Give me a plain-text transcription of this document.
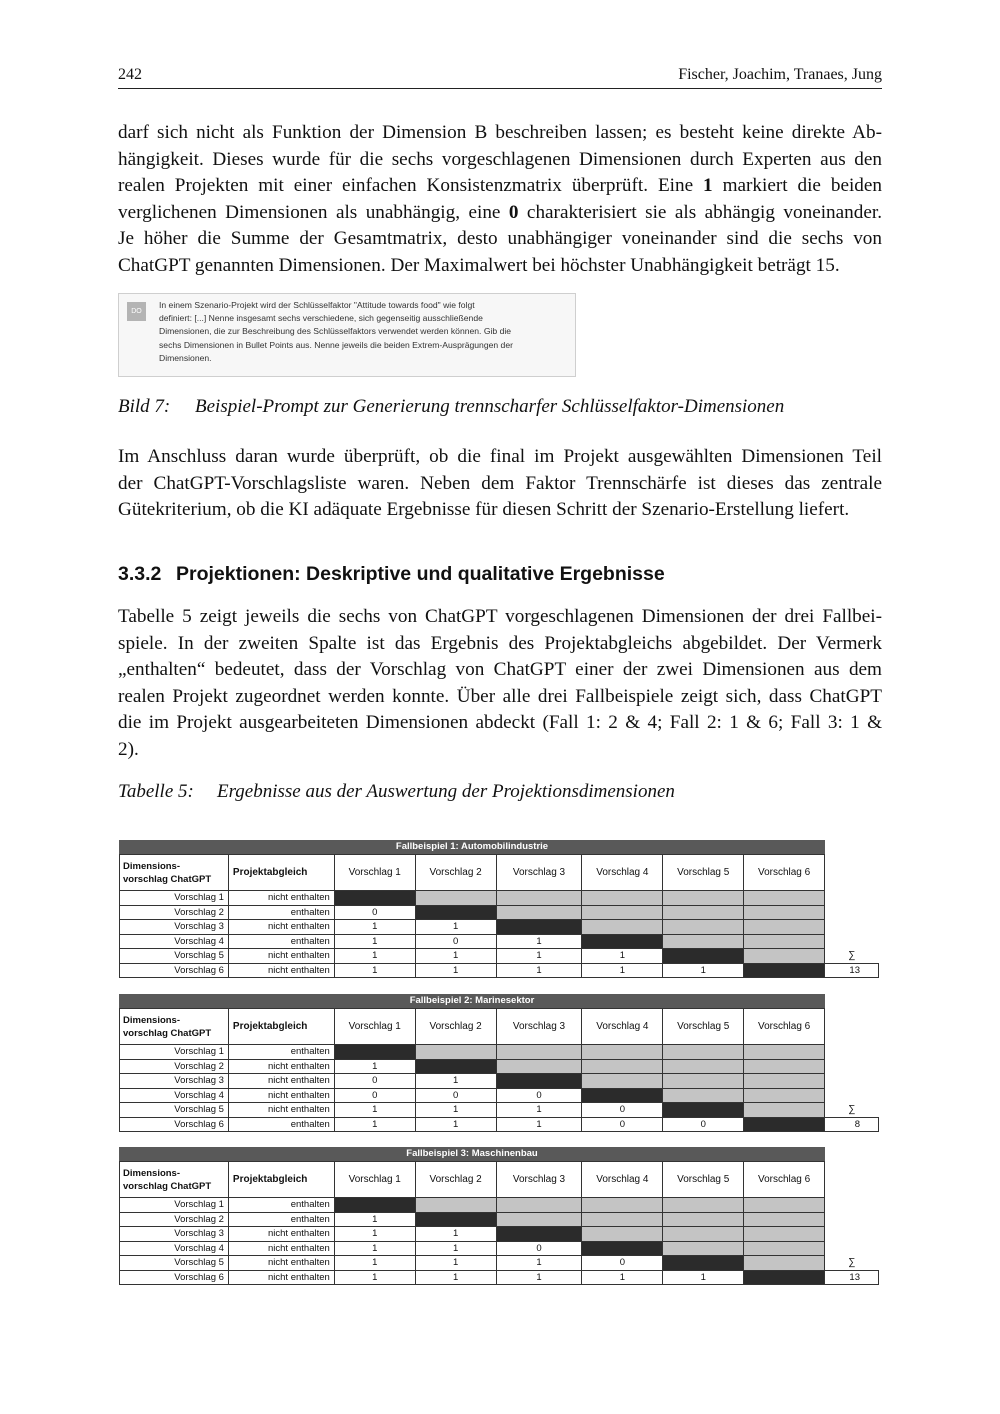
242	Fischer, Joachim, Tranaes, Jung
darf sich nicht als Funktion der Dimension B beschreiben lassen; es besteht keine direkte Ab-
hängigkeit. Dieses wurde für die sechs vorgeschlagenen Dimensionen durch Experten aus den
realen Projekten mit einer einfachen Konsistenzmatrix überprüft. Eine 1 markiert die beiden
verglichenen Dimensionen als unabhängig, eine 0 charakterisiert sie als abhängig voneinander.
Je höher die Summe der Gesamtmatrix, desto unabhängiger voneinander sind die sechs von
ChatGPT genannten Dimensionen. Der Maximalwert bei höchster Unabhängigkeit beträgt 15.
DO
In einem Szenario-Projekt wird der Schlüsselfaktor "Attitude towards food" wie folgt
definiert: [...] Nenne insgesamt sechs verschiedene, sich gegenseitig ausschließende
Dimensionen, die zur Beschreibung des Schlüsselfaktors verwendet werden können. Gib die
sechs Dimensionen in Bullet Points aus. Nenne jeweils die beiden Extrem-Ausprägungen der
Dimensionen.
Bild 7: Beispiel-Prompt zur Generierung trennscharfer Schlüsselfaktor-Dimensionen
Im Anschluss daran wurde überprüft, ob die final im Projekt ausgewählten Dimensionen Teil
der ChatGPT-Vorschlagsliste waren. Neben dem Faktor Trennschärfe ist dieses das zentrale
Gütekriterium, ob die KI adäquate Ergebnisse für diesen Schritt der Szenario-Erstellung liefert.
3.3.2 Projektionen: Deskriptive und qualitative Ergebnisse
Tabelle 5 zeigt jeweils die sechs von ChatGPT vorgeschlagenen Dimensionen der drei Fallbei-
spiele. In der zweiten Spalte ist das Ergebnis des Projektabgleichs abgebildet. Der Vermerk
„enthalten“ bedeutet, dass der Vorschlag von ChatGPT einer der zwei Dimensionen aus dem
realen Projekt zugeordnet werden konnte. Über alle drei Fallbeispiele zeigt sich, dass ChatGPT
die im Projekt ausgearbeiteten Dimensionen abdeckt (Fall 1: 2 & 4; Fall 2: 1 & 6; Fall 3: 1 &
2).
Tabelle 5: Ergebnisse aus der Auswertung der Projektionsdimensionen
Fallbeispiel 1: Automobilindustrie
Dimensions-
vorschlag ChatGPT	Projektabgleich	Vorschlag 1	Vorschlag 2	Vorschlag 3	Vorschlag 4	Vorschlag 5	Vorschlag 6	
Vorschlag 1	nicht enthalten							
Vorschlag 2	enthalten	0						
Vorschlag 3	nicht enthalten	1	1					
Vorschlag 4	enthalten	1	0	1				
Vorschlag 5	nicht enthalten	1	1	1	1			∑
Vorschlag 6	nicht enthalten	1	1	1	1	1		13
Fallbeispiel 2: Marinesektor
Dimensions-
vorschlag ChatGPT	Projektabgleich	Vorschlag 1	Vorschlag 2	Vorschlag 3	Vorschlag 4	Vorschlag 5	Vorschlag 6	
Vorschlag 1	enthalten							
Vorschlag 2	nicht enthalten	1						
Vorschlag 3	nicht enthalten	0	1					
Vorschlag 4	nicht enthalten	0	0	0				
Vorschlag 5	nicht enthalten	1	1	1	0			∑
Vorschlag 6	enthalten	1	1	1	0	0		8
Fallbeispiel 3: Maschinenbau
Dimensions-
vorschlag ChatGPT	Projektabgleich	Vorschlag 1	Vorschlag 2	Vorschlag 3	Vorschlag 4	Vorschlag 5	Vorschlag 6	
Vorschlag 1	enthalten							
Vorschlag 2	enthalten	1						
Vorschlag 3	nicht enthalten	1	1					
Vorschlag 4	nicht enthalten	1	1	0				
Vorschlag 5	nicht enthalten	1	1	1	0			∑
Vorschlag 6	nicht enthalten	1	1	1	1	1		13
